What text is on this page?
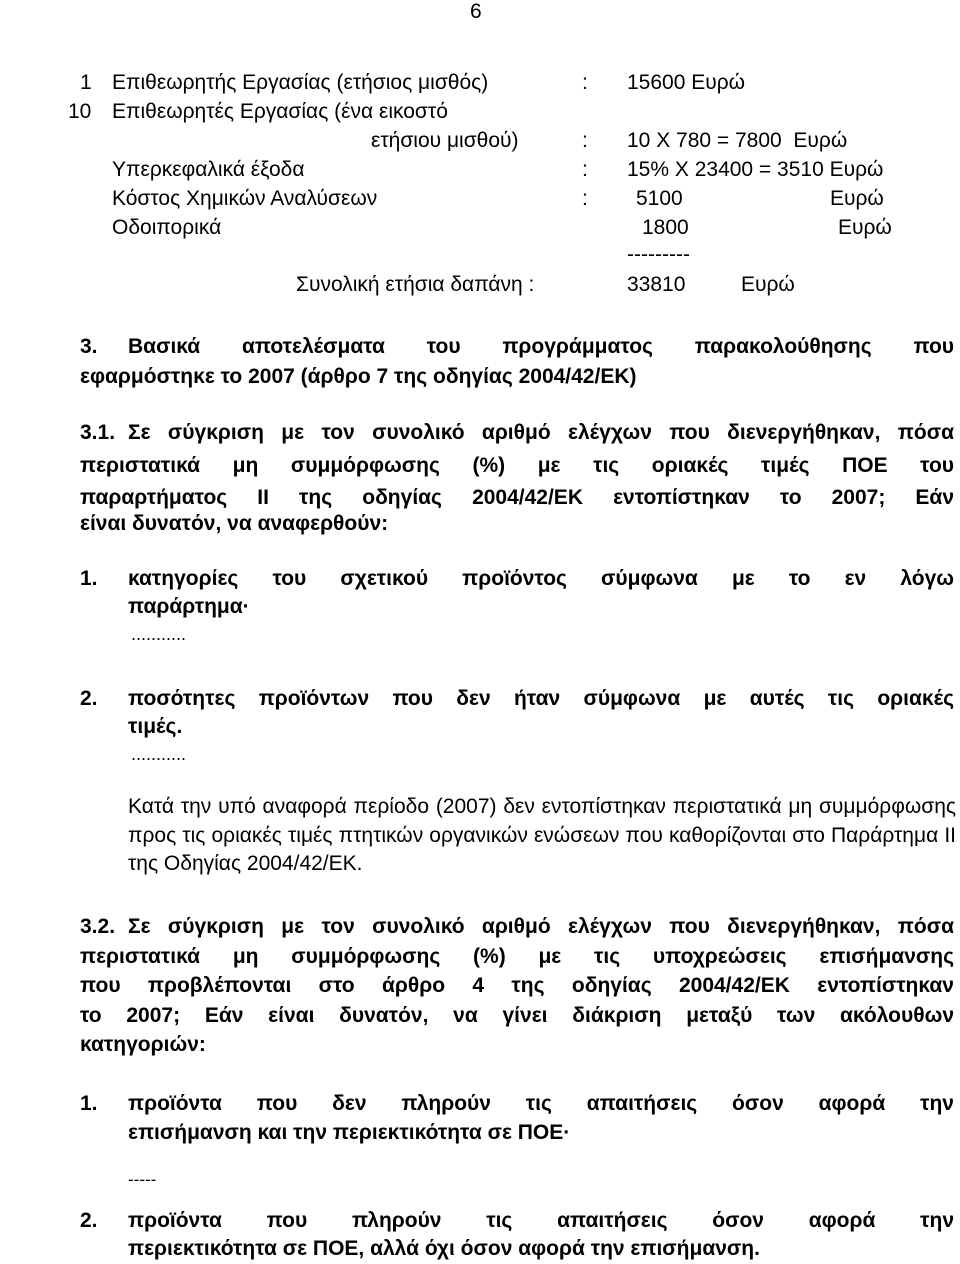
6
1 Επιθεωρητής Εργασίας (ετήσιος μισθός)	: 15600 Ευρώ
10 Επιθεωρητές Εργασίας (ένα εικοστό
ετήσιου μισθού)	: 10 Χ 780 = 7800  Ευρώ
Υπερκεφαλικά έξοδα	: 15% Χ 23400 = 3510 Ευρώ
Κόστος Χημικών Αναλύσεων	: 5100	Ευρώ
Οδοιπορικά	1800	Ευρώ
---------
Συνολική ετήσια δαπάνη :	33810	Ευρώ
3. Βασικά αποτελέσματα του προγράμματος παρακολούθησης που
εφαρμόστηκε το 2007 (άρθρο 7 της οδηγίας 2004/42/ΕΚ)
3.1. Σε σύγκριση με τον συνολικό αριθμό ελέγχων που διενεργήθηκαν, πόσα
περιστατικά μη συμμόρφωσης (%) με τις οριακές τιμές ΠΟΕ του
παραρτήματος ΙΙ της οδηγίας 2004/42/ΕΚ εντοπίστηκαν το 2007; Εάν
είναι δυνατόν, να αναφερθούν:
1. κατηγορίες του σχετικού προϊόντος σύμφωνα με το εν λόγω
παράρτημα·
...........
2. ποσότητες προϊόντων που δεν ήταν σύμφωνα με αυτές τις οριακές
τιμές.
...........
Κατά την υπό αναφορά περίοδο (2007) δεν εντοπίστηκαν περιστατικά μη συμμόρφωσης προς τις οριακές τιμές πτητικών οργανικών ενώσεων που καθορίζονται στο Παράρτημα ΙΙ της Οδηγίας 2004/42/ΕΚ.
3.2. Σε σύγκριση με τον συνολικό αριθμό ελέγχων που διενεργήθηκαν, πόσα
περιστατικά μη συμμόρφωσης (%) με τις υποχρεώσεις επισήμανσης
που προβλέπονται στο άρθρο 4 της οδηγίας 2004/42/ΕΚ εντοπίστηκαν
το 2007; Εάν είναι δυνατόν, να γίνει διάκριση μεταξύ των ακόλουθων
κατηγοριών:
1. προϊόντα που δεν πληρούν τις απαιτήσεις όσον αφορά την
επισήμανση και την περιεκτικότητα σε ΠΟΕ·
-----
2. προϊόντα που πληρούν τις απαιτήσεις όσον αφορά την
περιεκτικότητα σε ΠΟΕ, αλλά όχι όσον αφορά την επισήμανση.
